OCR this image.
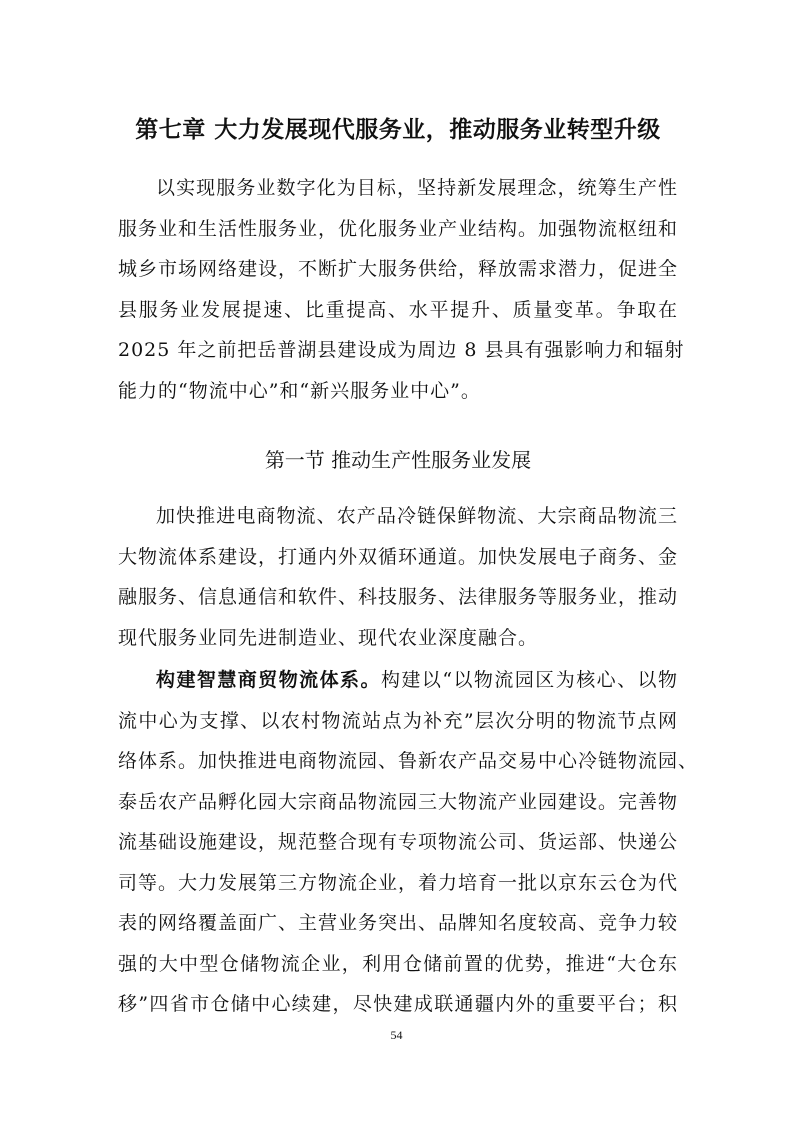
第七章 大力发展现代服务业，推动服务业转型升级
以实现服务业数字化为目标，坚持新发展理念，统筹生产性
服务业和生活性服务业，优化服务业产业结构。加强物流枢纽和
城乡市场网络建设，不断扩大服务供给，释放需求潜力，促进全
县服务业发展提速、比重提高、水平提升、质量变革。争取在
2025 年之前把岳普湖县建设成为周边 8 县具有强影响力和辐射
能力的“物流中心”和“新兴服务业中心”。
第一节 推动生产性服务业发展
加快推进电商物流、农产品冷链保鲜物流、大宗商品物流三
大物流体系建设，打通内外双循环通道。加快发展电子商务、金
融服务、信息通信和软件、科技服务、法律服务等服务业，推动
现代服务业同先进制造业、现代农业深度融合。
构建智慧商贸物流体系。构建以“以物流园区为核心、以物
流中心为支撑、以农村物流站点为补充”层次分明的物流节点网
络体系。加快推进电商物流园、鲁新农产品交易中心冷链物流园、
泰岳农产品孵化园大宗商品物流园三大物流产业园建设。完善物
流基础设施建设，规范整合现有专项物流公司、货运部、快递公
司等。大力发展第三方物流企业，着力培育一批以京东云仓为代
表的网络覆盖面广、主营业务突出、品牌知名度较高、竞争力较
强的大中型仓储物流企业，利用仓储前置的优势，推进“大仓东
移”四省市仓储中心续建，尽快建成联通疆内外的重要平台；积
54
